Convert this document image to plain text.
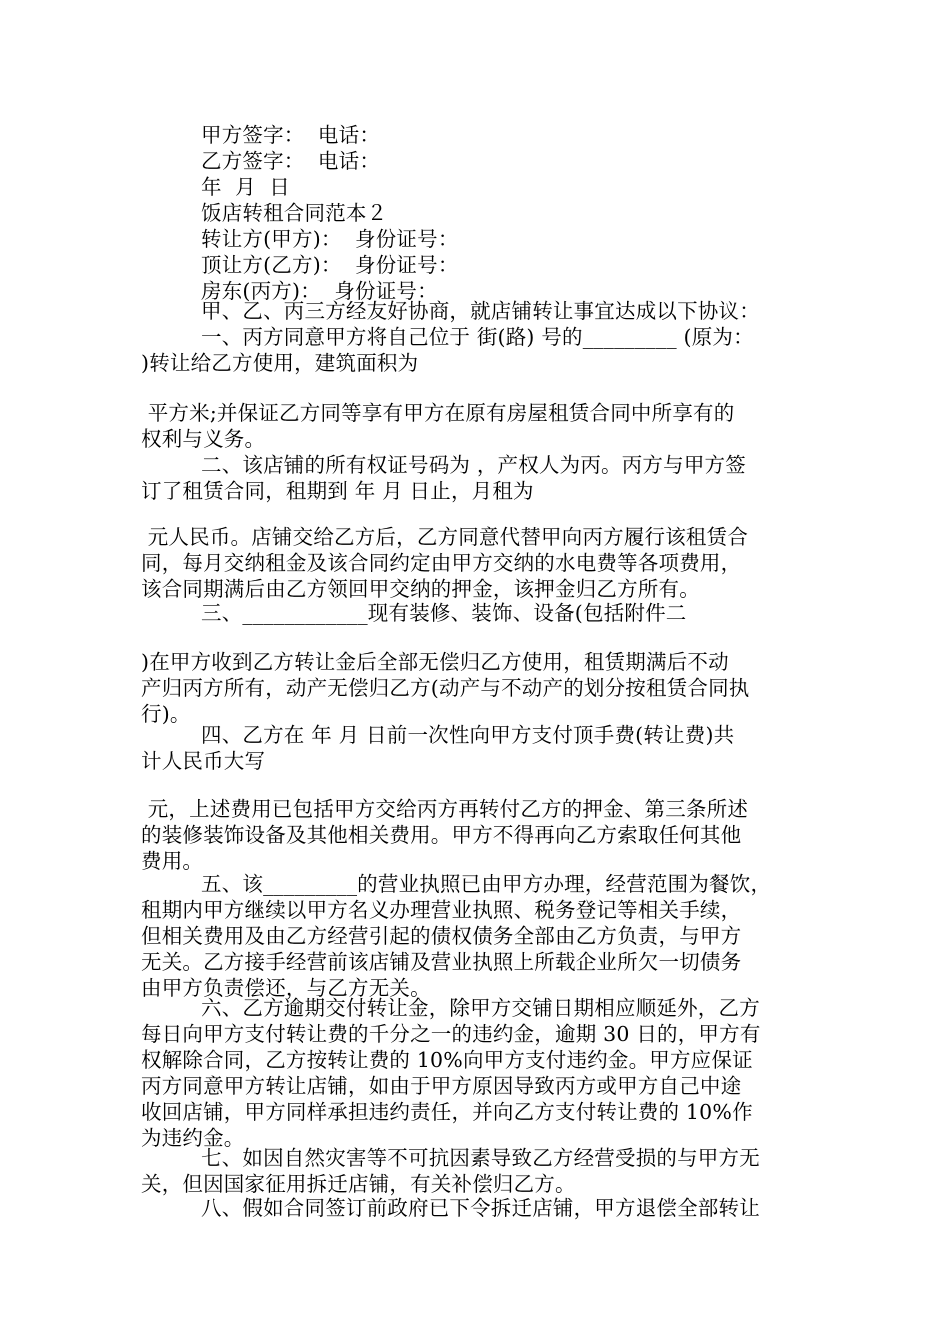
甲方签字：  电话：
乙方签字：  电话：
年  月  日
饭店转租合同范本２
转让方(甲方)：  身份证号：
顶让方(乙方)：  身份证号：
房东(丙方)：  身份证号：
甲、乙、丙三方经友好协商，就店铺转让事宜达成以下协议：
一、丙方同意甲方将自己位于 街(路) 号的_________ (原为：
)转让给乙方使用，建筑面积为
平方米;并保证乙方同等享有甲方在原有房屋租赁合同中所享有的
权利与义务。
二、该店铺的所有权证号码为 ，产权人为丙。丙方与甲方签
订了租赁合同，租期到 年 月 日止，月租为
元人民币。店铺交给乙方后，乙方同意代替甲向丙方履行该租赁合
同，每月交纳租金及该合同约定由甲方交纳的水电费等各项费用，
该合同期满后由乙方领回甲交纳的押金，该押金归乙方所有。
三、____________现有装修、装饰、设备(包括附件二
)在甲方收到乙方转让金后全部无偿归乙方使用，租赁期满后不动
产归丙方所有，动产无偿归乙方(动产与不动产的划分按租赁合同执
行)。
四、乙方在 年 月 日前一次性向甲方支付顶手费(转让费)共
计人民币大写
元，上述费用已包括甲方交给丙方再转付乙方的押金、第三条所述
的装修装饰设备及其他相关费用。甲方不得再向乙方索取任何其他
费用。
五、该_________的营业执照已由甲方办理，经营范围为餐饮，
租期内甲方继续以甲方名义办理营业执照、税务登记等相关手续，
但相关费用及由乙方经营引起的债权债务全部由乙方负责，与甲方
无关。乙方接手经营前该店铺及营业执照上所载企业所欠一切债务
由甲方负责偿还，与乙方无关。
六、乙方逾期交付转让金，除甲方交铺日期相应顺延外，乙方
每日向甲方支付转让费的千分之一的违约金，逾期 30 日的，甲方有
权解除合同，乙方按转让费的 10%向甲方支付违约金。甲方应保证
丙方同意甲方转让店铺，如由于甲方原因导致丙方或甲方自己中途
收回店铺，甲方同样承担违约责任，并向乙方支付转让费的 10%作
为违约金。
七、如因自然灾害等不可抗因素导致乙方经营受损的与甲方无
关，但因国家征用拆迁店铺，有关补偿归乙方。
八、假如合同签订前政府已下令拆迁店铺，甲方退偿全部转让
